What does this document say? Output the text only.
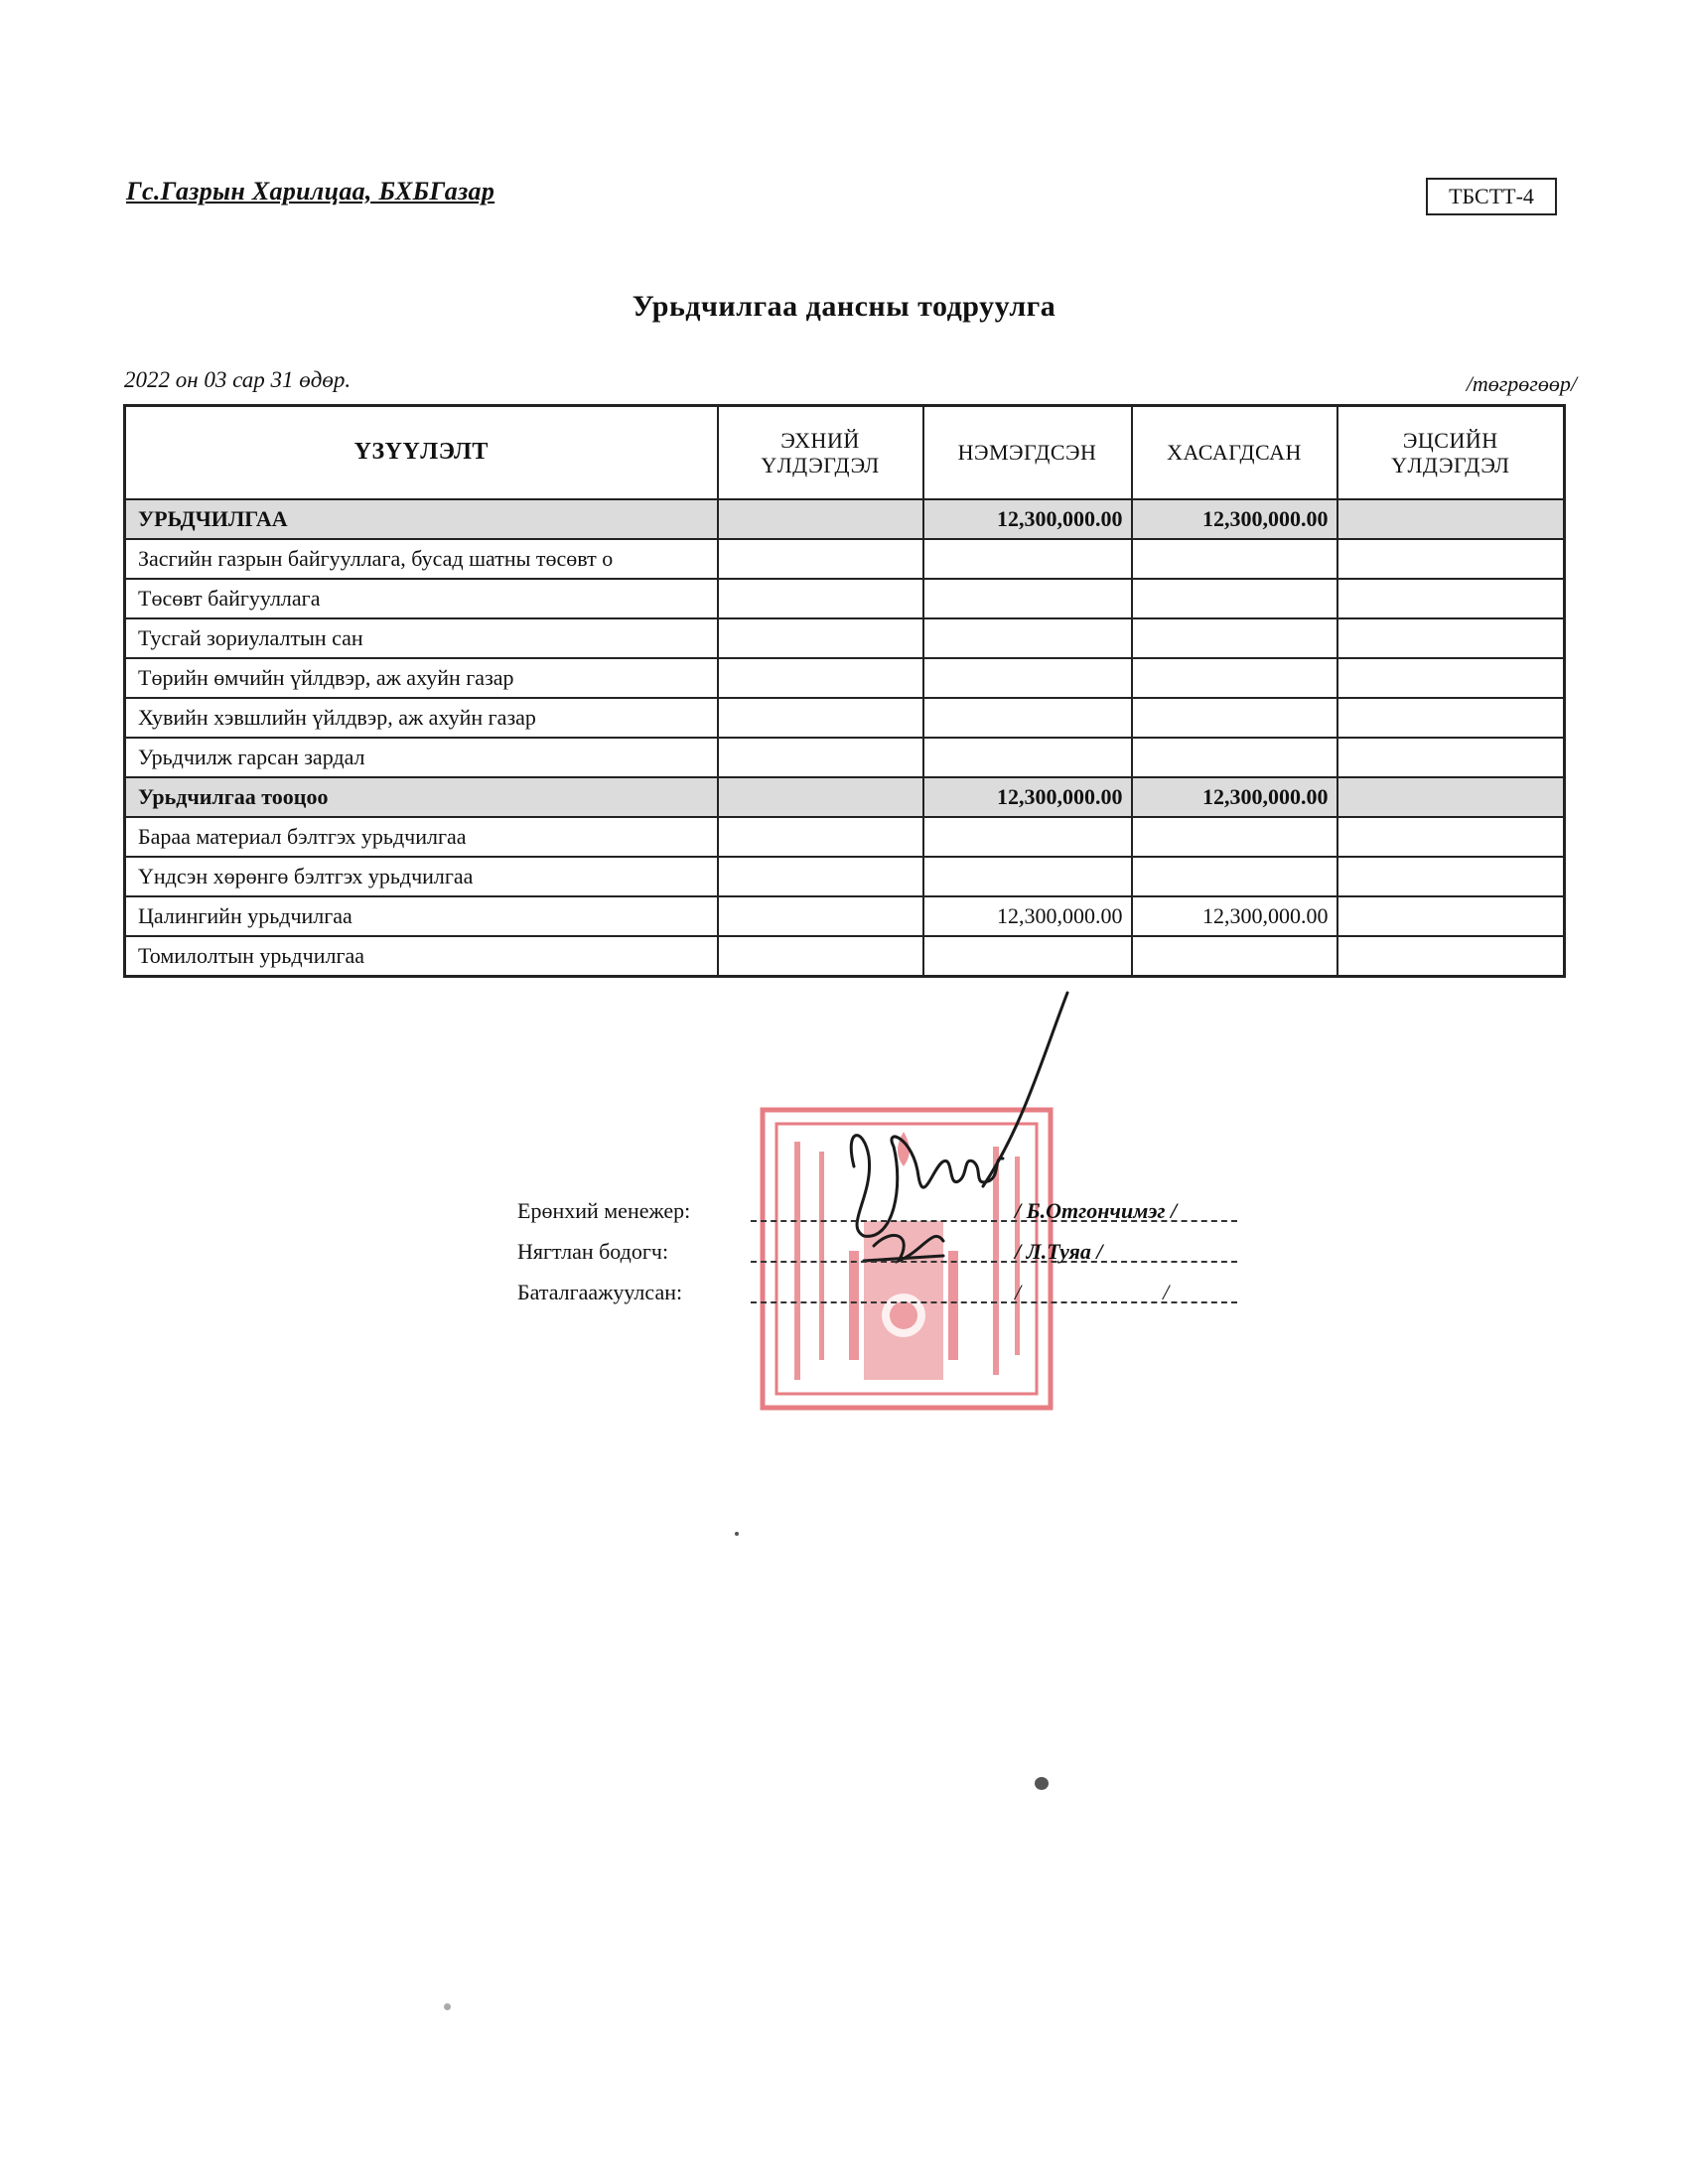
Гс.Газрын Харилцаа, БХБГазар	ТБСТТ-4
Урьдчилгаа дансны тодруулга
2022 он 03 сар 31 өдөр.	/төгрөгөөр/
ҮЗҮҮЛЭЛТ	ЭХНИЙ ҮЛДЭГДЭЛ	НЭМЭГДСЭН	ХАСАГДСАН	ЭЦСИЙН ҮЛДЭГДЭЛ

УРЬДЧИЛГАА		12,300,000.00	12,300,000.00	
Засгийн газрын байгууллага, бусад шатны төсөвт о				
Төсөвт байгууллага				
Тусгай зориулалтын сан				
Төрийн өмчийн үйлдвэр, аж ахуйн газар				
Хувийн хэвшлийн үйлдвэр, аж ахуйн газар				
Урьдчилж гарсан зардал				
Урьдчилгаа тооцоо		12,300,000.00	12,300,000.00	
Бараа материал бэлтгэх урьдчилгаа				
Үндсэн хөрөнгө бэлтгэх урьдчилгаа				
Цалингийн урьдчилгаа		12,300,000.00	12,300,000.00	
Томилолтын урьдчилгаа				
Ерөнхий менежер:	/ Б.Отгончимэг /
Нягтлан бодогч:	/ Л.Туяа /
Баталгаажуулсан:	/                          /
